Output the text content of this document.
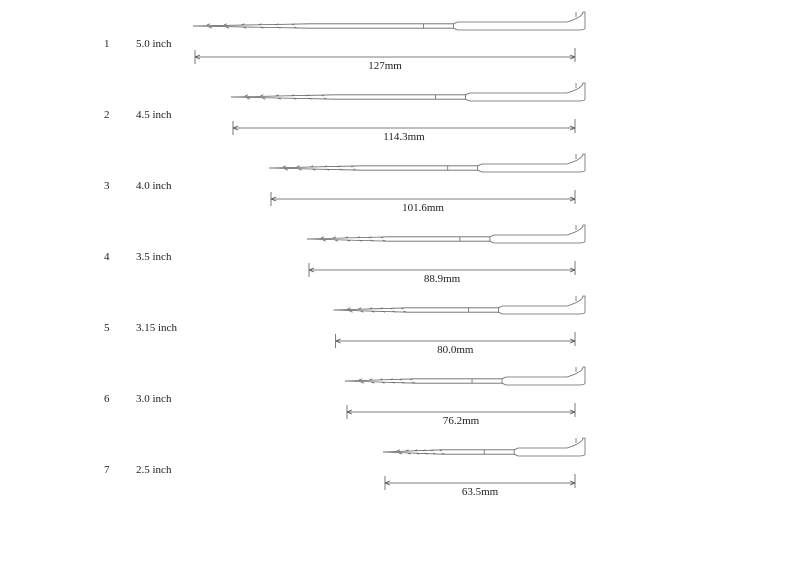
1 5.0 inch
127mm
2 4.5 inch
114.3mm
3 4.0 inch
101.6mm
4 3.5 inch
88.9mm
5 3.15 inch
80.0mm
6 3.0 inch
76.2mm
7 2.5 inch
63.5mm
